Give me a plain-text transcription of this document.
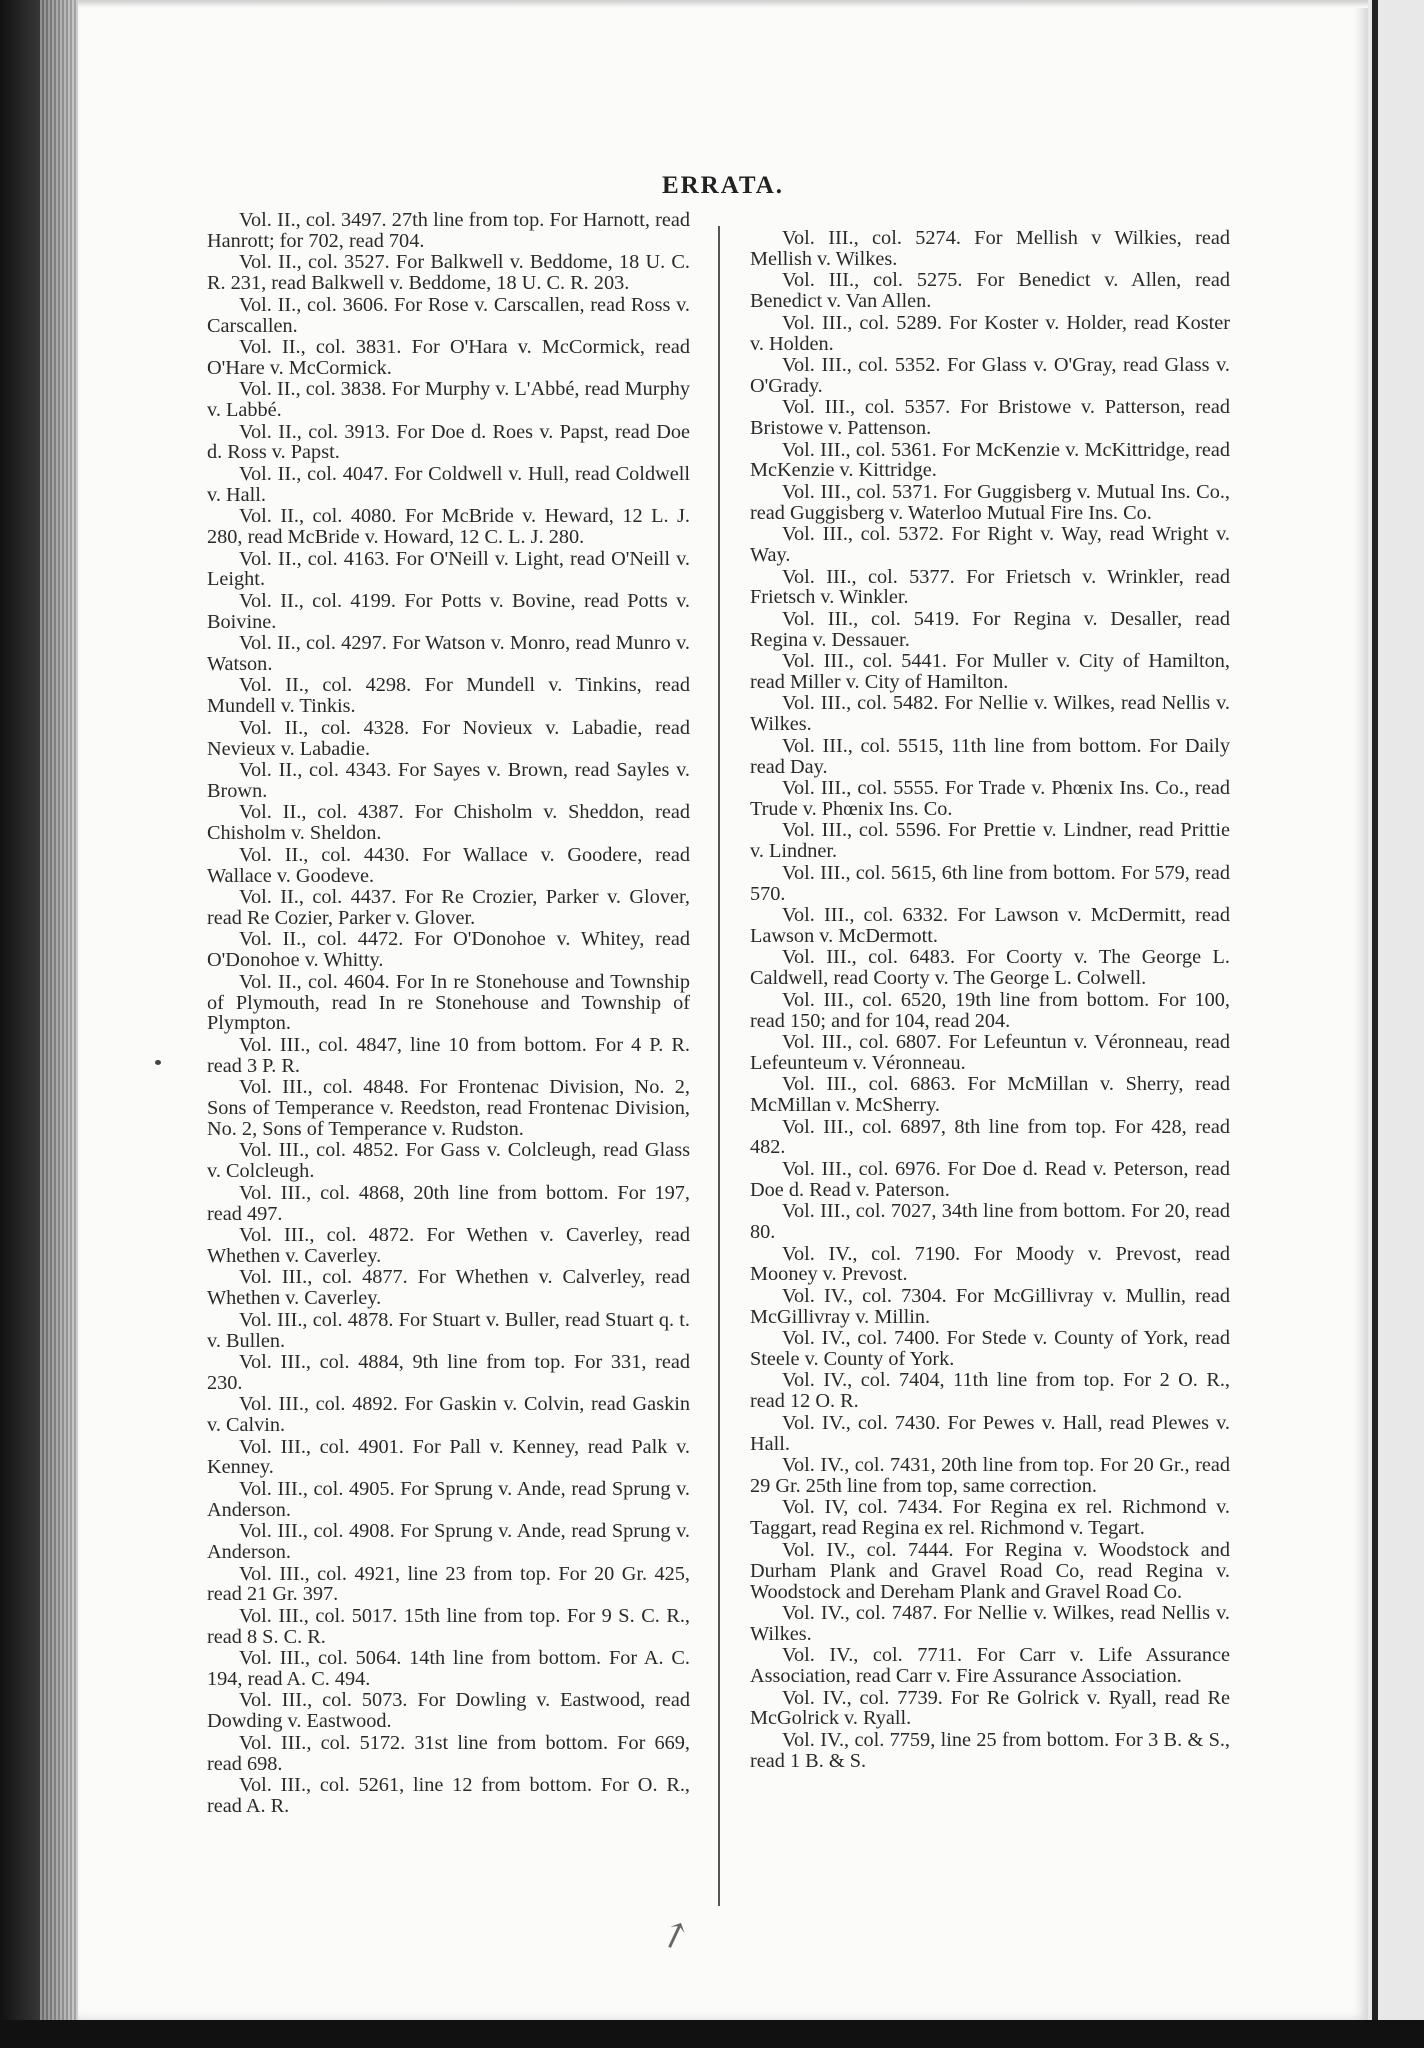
ERRATA.

Vol. II., col. 3497. 27th line from top. For Harnott, read Hanrott; for 702, read 704.

Vol. II., col. 3527. For Balkwell v. Beddome, 18 U. C. R. 231, read Balkwell v. Beddome, 18 U. C. R. 203.

Vol. II., col. 3606. For Rose v. Carscallen, read Ross v. Carscallen.

Vol. II., col. 3831. For O'Hara v. McCormick, read O'Hare v. McCormick.

Vol. II., col. 3838. For Murphy v. L'Abbé, read Murphy v. Labbé.

Vol. II., col. 3913. For Doe d. Roes v. Papst, read Doe d. Ross v. Papst.

Vol. II., col. 4047. For Coldwell v. Hull, read Coldwell v. Hall.

Vol. II., col. 4080. For McBride v. Heward, 12 L. J. 280, read McBride v. Howard, 12 C. L. J. 280.

Vol. II., col. 4163. For O'Neill v. Light, read O'Neill v. Leight.

Vol. II., col. 4199. For Potts v. Bovine, read Potts v. Boivine.

Vol. II., col. 4297. For Watson v. Monro, read Munro v. Watson.

Vol. II., col. 4298. For Mundell v. Tinkins, read Mundell v. Tinkis.

Vol. II., col. 4328. For Novieux v. Labadie, read Nevieux v. Labadie.

Vol. II., col. 4343. For Sayes v. Brown, read Sayles v. Brown.

Vol. II., col. 4387. For Chisholm v. Sheddon, read Chisholm v. Sheldon.

Vol. II., col. 4430. For Wallace v. Goodere, read Wallace v. Goodeve.

Vol. II., col. 4437. For Re Crozier, Parker v. Glover, read Re Cozier, Parker v. Glover.

Vol. II., col. 4472. For O'Donohoe v. Whitey, read O'Donohoe v. Whitty.

Vol. II., col. 4604. For In re Stonehouse and Township of Plymouth, read In re Stonehouse and Township of Plympton.

Vol. III., col. 4847, line 10 from bottom. For 4 P. R. read 3 P. R.

Vol. III., col. 4848. For Frontenac Division, No. 2, Sons of Temperance v. Reedston, read Frontenac Division, No. 2, Sons of Temperance v. Rudston.

Vol. III., col. 4852. For Gass v. Colcleugh, read Glass v. Colcleugh.

Vol. III., col. 4868, 20th line from bottom. For 197, read 497.

Vol. III., col. 4872. For Wethen v. Caverley, read Whethen v. Caverley.

Vol. III., col. 4877. For Whethen v. Calverley, read Whethen v. Caverley.

Vol. III., col. 4878. For Stuart v. Buller, read Stuart q. t. v. Bullen.

Vol. III., col. 4884, 9th line from top. For 331, read 230.

Vol. III., col. 4892. For Gaskin v. Colvin, read Gaskin v. Calvin.

Vol. III., col. 4901. For Pall v. Kenney, read Palk v. Kenney.

Vol. III., col. 4905. For Sprung v. Ande, read Sprung v. Anderson.

Vol. III., col. 4908. For Sprung v. Ande, read Sprung v. Anderson.

Vol. III., col. 4921, line 23 from top. For 20 Gr. 425, read 21 Gr. 397.

Vol. III., col. 5017. 15th line from top. For 9 S. C. R., read 8 S. C. R.

Vol. III., col. 5064. 14th line from bottom. For A. C. 194, read A. C. 494.

Vol. III., col. 5073. For Dowling v. Eastwood, read Dowding v. Eastwood.

Vol. III., col. 5172. 31st line from bottom. For 669, read 698.

Vol. III., col. 5261, line 12 from bottom. For O. R., read A. R.

Vol. III., col. 5274. For Mellish v Wilkies, read Mellish v. Wilkes.

Vol. III., col. 5275. For Benedict v. Allen, read Benedict v. Van Allen.

Vol. III., col. 5289. For Koster v. Holder, read Koster v. Holden.

Vol. III., col. 5352. For Glass v. O'Gray, read Glass v. O'Grady.

Vol. III., col. 5357. For Bristowe v. Patterson, read Bristowe v. Pattenson.

Vol. III., col. 5361. For McKenzie v. McKittridge, read McKenzie v. Kittridge.

Vol. III., col. 5371. For Guggisberg v. Mutual Ins. Co., read Guggisberg v. Waterloo Mutual Fire Ins. Co.

Vol. III., col. 5372. For Right v. Way, read Wright v. Way.

Vol. III., col. 5377. For Frietsch v. Wrinkler, read Frietsch v. Winkler.

Vol. III., col. 5419. For Regina v. Desaller, read Regina v. Dessauer.

Vol. III., col. 5441. For Muller v. City of Hamilton, read Miller v. City of Hamilton.

Vol. III., col. 5482. For Nellie v. Wilkes, read Nellis v. Wilkes.

Vol. III., col. 5515, 11th line from bottom. For Daily read Day.

Vol. III., col. 5555. For Trade v. Phœnix Ins. Co., read Trude v. Phœnix Ins. Co.

Vol. III., col. 5596. For Prettie v. Lindner, read Prittie v. Lindner.

Vol. III., col. 5615, 6th line from bottom. For 579, read 570.

Vol. III., col. 6332. For Lawson v. McDermitt, read Lawson v. McDermott.

Vol. III., col. 6483. For Coorty v. The George L. Caldwell, read Coorty v. The George L. Colwell.

Vol. III., col. 6520, 19th line from bottom. For 100, read 150; and for 104, read 204.

Vol. III., col. 6807. For Lefeuntun v. Véronneau, read Lefeunteum v. Véronneau.

Vol. III., col. 6863. For McMillan v. Sherry, read McMillan v. McSherry.

Vol. III., col. 6897, 8th line from top. For 428, read 482.

Vol. III., col. 6976. For Doe d. Read v. Peterson, read Doe d. Read v. Paterson.

Vol. III., col. 7027, 34th line from bottom. For 20, read 80.

Vol. IV., col. 7190. For Moody v. Prevost, read Mooney v. Prevost.

Vol. IV., col. 7304. For McGillivray v. Mullin, read McGillivray v. Millin.

Vol. IV., col. 7400. For Stede v. County of York, read Steele v. County of York.

Vol. IV., col. 7404, 11th line from top. For 2 O. R., read 12 O. R.

Vol. IV., col. 7430. For Pewes v. Hall, read Plewes v. Hall.

Vol. IV., col. 7431, 20th line from top. For 20 Gr., read 29 Gr. 25th line from top, same correction.

Vol. IV, col. 7434. For Regina ex rel. Richmond v. Taggart, read Regina ex rel. Richmond v. Tegart.

Vol. IV., col. 7444. For Regina v. Woodstock and Durham Plank and Gravel Road Co, read Regina v. Woodstock and Dereham Plank and Gravel Road Co.

Vol. IV., col. 7487. For Nellie v. Wilkes, read Nellis v. Wilkes.

Vol. IV., col. 7711. For Carr v. Life Assurance Association, read Carr v. Fire Assurance Association.

Vol. IV., col. 7739. For Re Golrick v. Ryall, read Re McGolrick v. Ryall.

Vol. IV., col. 7759, line 25 from bottom. For 3 B. & S., read 1 B. & S.

↗
